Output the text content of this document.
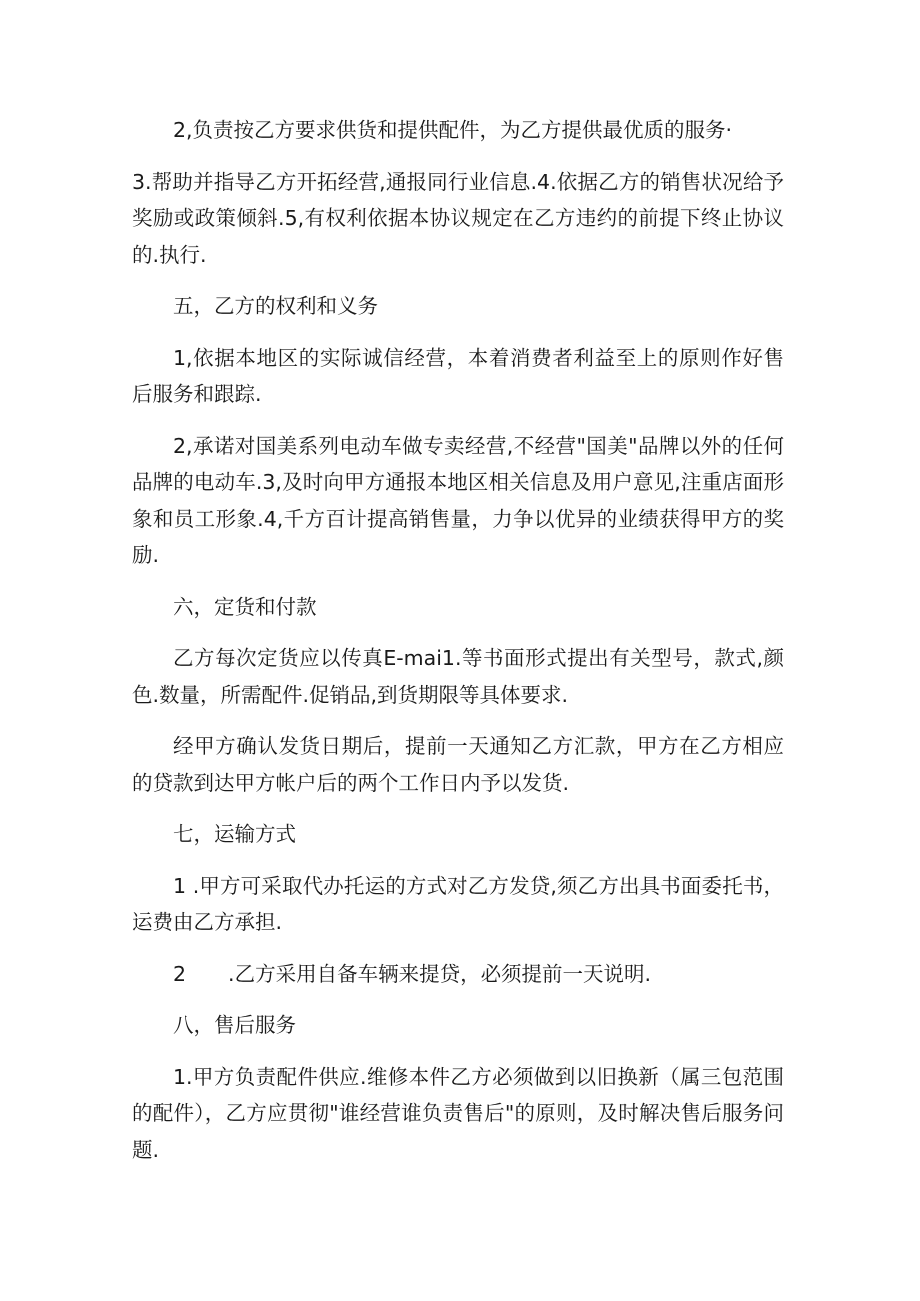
2,负责按乙方要求供货和提供配件，为乙方提供最优质的服务·

3.帮助并指导乙方开拓经营,通报同行业信息.4.依据乙方的销售状况给予奖励或政策倾斜.5,有权利依据本协议规定在乙方违约的前提下终止协议的.执行.

五，乙方的权利和义务

1,依据本地区的实际诚信经营，本着消费者利益至上的原则作好售后服务和跟踪.

2,承诺对国美系列电动车做专卖经营,不经营"国美"品牌以外的任何品牌的电动车.3,及时向甲方通报本地区相关信息及用户意见,注重店面形象和员工形象.4,千方百计提高销售量，力争以优异的业绩获得甲方的奖励.

六，定货和付款

乙方每次定货应以传真E-mai1.等书面形式提出有关型号，款式,颜色.数量，所需配件.促销品,到货期限等具体要求.

经甲方确认发货日期后，提前一天通知乙方汇款，甲方在乙方相应的贷款到达甲方帐户后的两个工作日内予以发货.

七，运输方式

1 .甲方可采取代办托运的方式对乙方发贷,须乙方出具书面委托书，运费由乙方承担.

2 .乙方采用自备车辆来提贷，必须提前一天说明.

八，售后服务

1.甲方负责配件供应.维修本件乙方必须做到以旧换新（属三包范围的配件），乙方应贯彻"谁经营谁负责售后"的原则，及时解决售后服务问题.
